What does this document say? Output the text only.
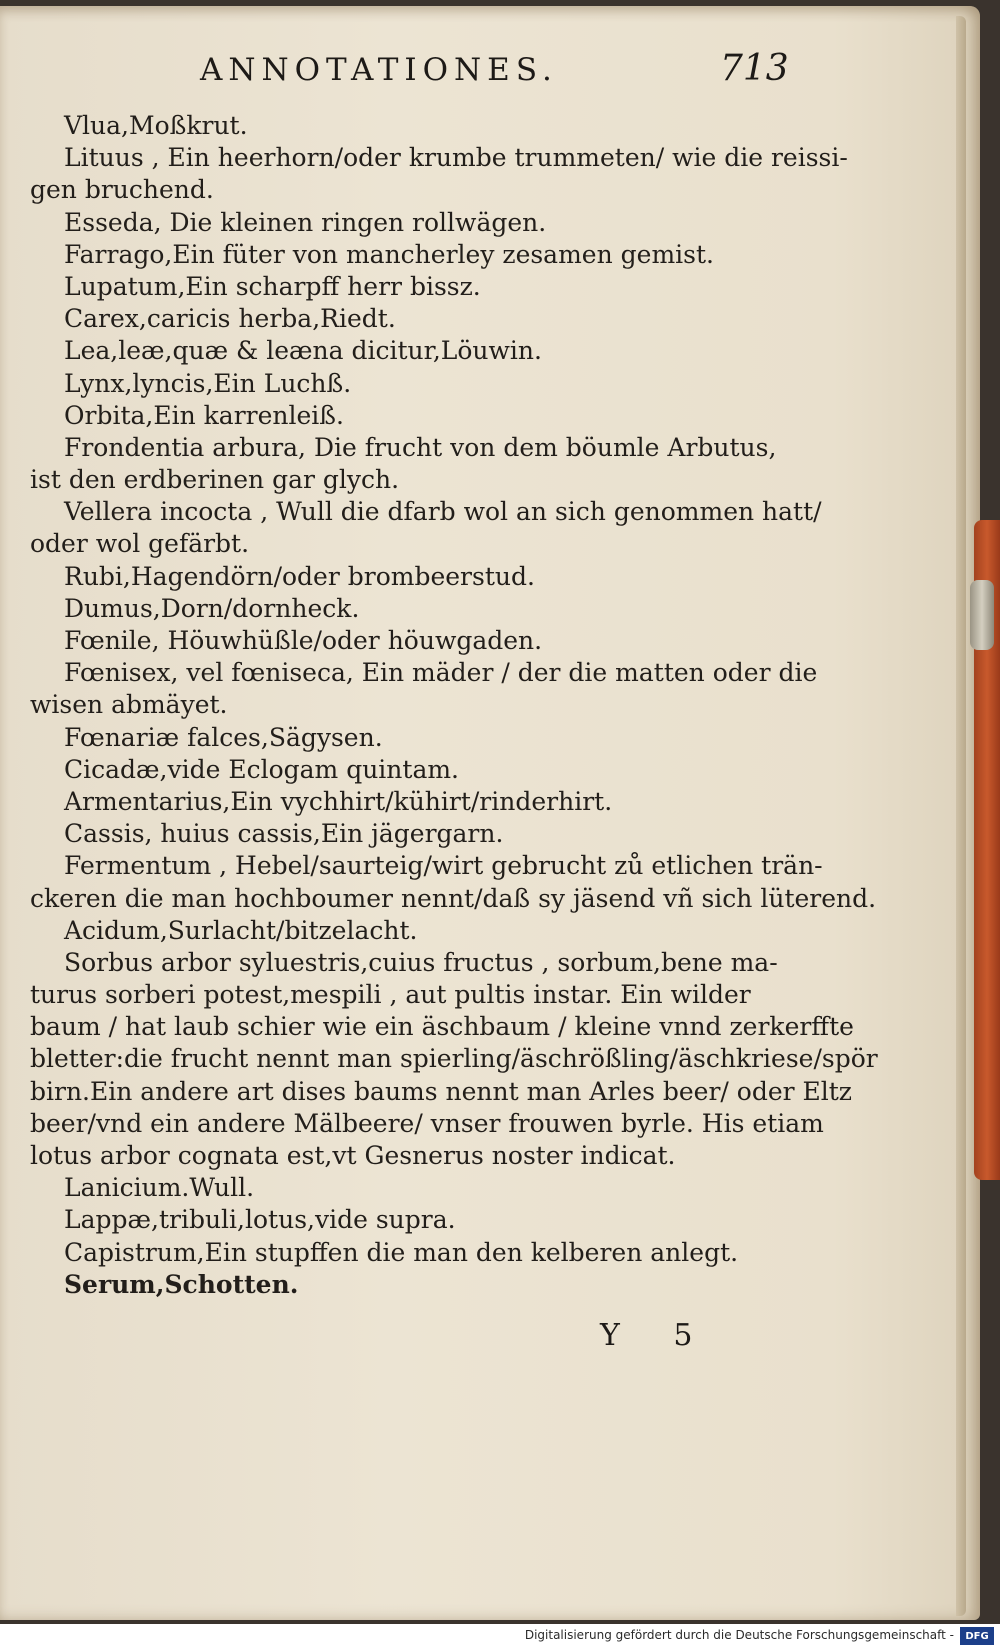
ANNOTATIONES.	713
Vlua,Moßkrut.
Lituus , Ein heerhorn/oder krumbe trummeten/ wie die reissi-
gen bruchend.
Esseda, Die kleinen ringen rollwägen.
Farrago,Ein füter von mancherley zesamen gemist.
Lupatum,Ein scharpff herr bissz.
Carex,caricis herba,Riedt.
Lea,leæ,quæ & leæna dicitur,Löuwin.
Lynx,lyncis,Ein Luchß.
Orbita,Ein karrenleiß.
Frondentia arbura, Die frucht von dem böumle Arbutus,
ist den erdberinen gar glych.
Vellera incocta , Wull die dfarb wol an sich genommen hatt/
oder wol gefärbt.
Rubi,Hagendörn/oder brombeerstud.
Dumus,Dorn/dornheck.
Fœnile, Höuwhüßle/oder höuwgaden.
Fœnisex, vel fœniseca, Ein mäder / der die matten oder die
wisen abmäyet.
Fœnariæ falces,Sägysen.
Cicadæ,vide Eclogam quintam.
Armentarius,Ein vychhirt/kühirt/rinderhirt.
Cassis, huius cassis,Ein jägergarn.
Fermentum , Hebel/saurteig/wirt gebrucht zů etlichen trän-
ckeren die man hochboumer nennt/daß sy jäsend vñ sich lüterend.
Acidum,Surlacht/bitzelacht.
Sorbus arbor syluestris,cuius fructus , sorbum,bene ma-
turus sorberi potest,mespili , aut pultis instar. Ein wilder
baum / hat laub schier wie ein äschbaum / kleine vnnd zerkerffte
bletter:die frucht nennt man spierling/äschrößling/äschkriese/spör
birn.Ein andere art dises baums nennt man Arles beer/ oder Eltz
beer/vnd ein andere Mälbeere/ vnser frouwen byrle. His etiam
lotus arbor cognata est,vt Gesnerus noster indicat.
Lanicium.Wull.
Lappæ,tribuli,lotus,vide supra.
Capistrum,Ein stupffen die man den kelberen anlegt.
Serum,Schotten.
Y 5
Digitalisierung gefördert durch die Deutsche Forschungsgemeinschaft -	DFG
